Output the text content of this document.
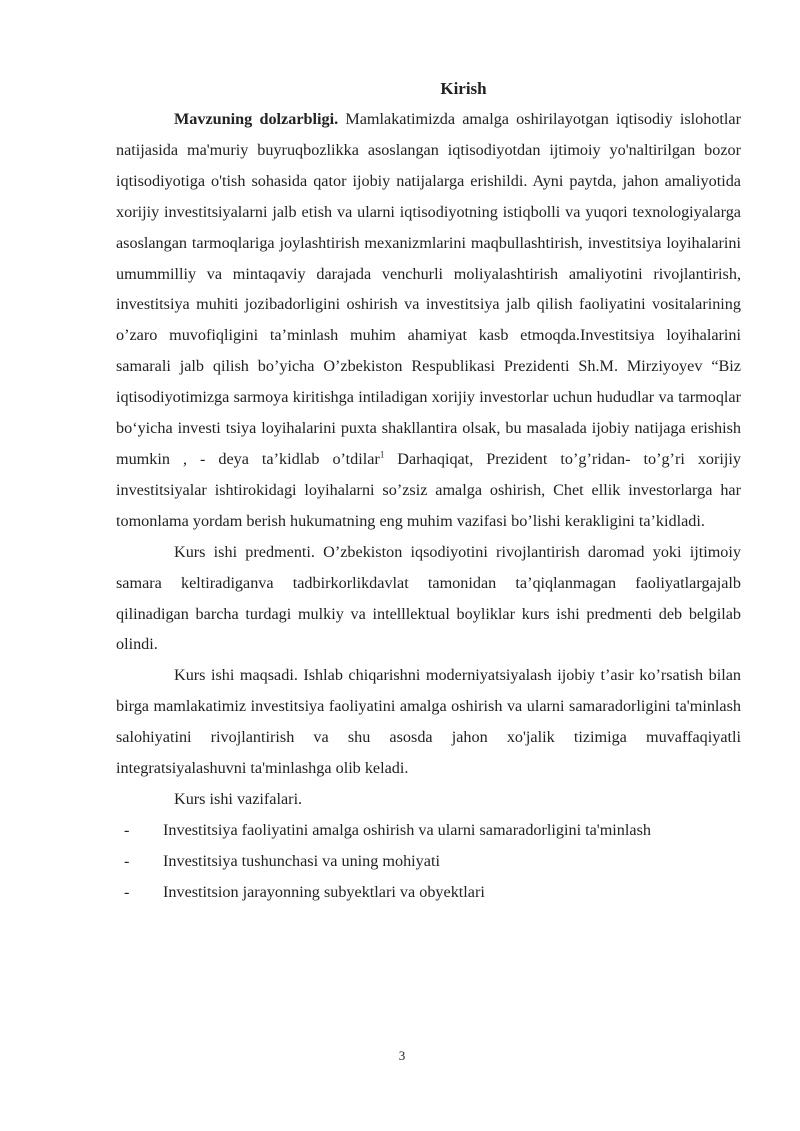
Kirish

Mavzuning dolzarbligi. Mamlakatimizda amalga oshirilayotgan iqtisodiy islohotlar natijasida ma'muriy buyruqbozlikka asoslangan iqtisodiyotdan ijtimoiy yo'naltirilgan bozor iqtisodiyotiga o'tish sohasida qator ijobiy natijalarga erishildi. Ayni paytda, jahon amaliyotida xorijiy investitsiyalarni jalb etish va ularni iqtisodiyotning istiqbolli va yuqori texnologiyalarga asoslangan tarmoqlariga joylashtirish mexanizmlarini maqbullashtirish, investitsiya loyihalarini umummilliy va mintaqaviy darajada venchurli moliyalashtirish amaliyotini rivojlantirish, investitsiya muhiti jozibadorligini oshirish va investitsiya jalb qilish faoliyatini vositalarining o’zaro muvofiqligini ta’minlash muhim ahamiyat kasb etmoqda.Investitsiya loyihalarini samarali jalb qilish bo’yicha O’zbekiston Respublikasi Prezidenti Sh.M. Mirziyoyev “Biz iqtisodiyotimizga sarmoya kiritishga intiladigan xorijiy investorlar uchun hududlar va tarmoqlar bo‘yicha investi tsiya loyihalarini puxta shakllantira olsak, bu masalada ijobiy natijaga erishish mumkin , - deya ta’kidlab o’tdilar$^1$ Darhaqiqat, Prezident to’g’ridan- to’g’ri xorijiy investitsiyalar ishtirokidagi loyihalarni so’zsiz amalga oshirish, Chet ellik investorlarga har tomonlama yordam berish hukumatning eng muhim vazifasi bo’lishi kerakligini ta’kidladi.

Kurs ishi predmenti. O’zbekiston iqsodiyotini rivojlantirish daromad yoki ijtimoiy samara keltiradiganva tadbirkorlikdavlat tamonidan ta’qiqlanmagan faoliyatlargajalb qilinadigan barcha turdagi mulkiy va intelllektual boyliklar kurs ishi predmenti deb belgilab olindi.

Kurs ishi maqsadi. Ishlab chiqarishni moderniyatsiyalash ijobiy t’asir ko’rsatish bilan birga mamlakatimiz investitsiya faoliyatini amalga oshirish va ularni samaradorligini ta'minlash salohiyatini rivojlantirish va shu asosda jahon xo'jalik tizimiga muvaffaqiyatli integratsiyalashuvni ta'minlashga olib keladi.

Kurs ishi vazifalari.

-	Investitsiya faoliyatini amalga oshirish va ularni samaradorligini ta'minlash
-	Investitsiya tushunchasi va uning mohiyati
-	Investitsion jarayonning subyektlari va obyektlari
3
